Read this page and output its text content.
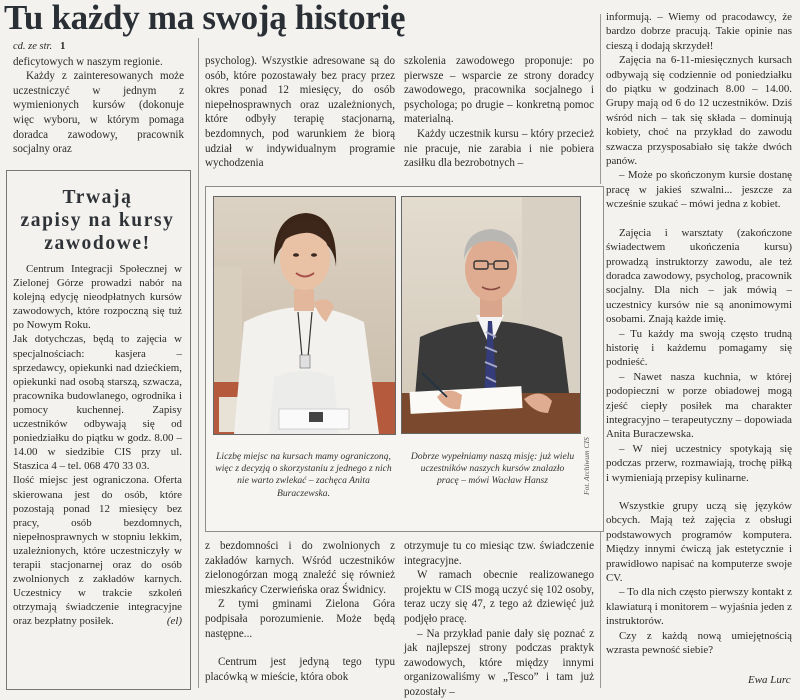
Tu każdy ma swoją historię

cd. ze str. 1

deficytowych w naszym regionie.

Każdy z zainteresowanych może uczestniczyć w jednym z wymienionych kursów (dokonuje więc wyboru, w którym pomaga doradca zawodowy, pracownik socjalny oraz

Trwają
zapisy na kursy
zawodowe!

Centrum Integracji Społecznej w Zielonej Górze prowadzi nabór na kolejną edycję nieodpłatnych kursów zawodowych, które rozpoczną się tuż po Nowym Roku.

Jak dotychczas, będą to zajęcia w specjalnościach: kasjera – sprzedawcy, opiekunki nad dziećkiem, opiekunki nad osobą starszą, szwacza, pracownika budowlanego, ogrodnika i pomocy kuchennej. Zapisy uczestników odbywają się od poniedziałku do piątku w godz. 8.00 – 14.00 w siedzibie CIS przy ul. Staszica 4 – tel. 068 470 33 03.

Ilość miejsc jest ograniczona. Oferta skierowana jest do osób, które pozostają ponad 12 miesięcy bez pracy, osób bezdomnych, niepełnosprawnych w stopniu lekkim, uzależnionych, które uczestniczyły w terapii stacjonarnej oraz do osób zwolnionych z zakładów karnych. Uczestnicy w trakcie szkoleń otrzymają świadczenie integracyjne oraz bezpłatny posiłek.	(el)

psycholog). Wszystkie adresowane są do osób, które pozostawały bez pracy przez okres ponad 12 miesięcy, do osób niepełnosprawnych oraz uzależnionych, które odbyły terapię stacjonarną, bezdomnych, pod warunkiem że biorą udział w indywidualnym programie wychodzenia

szkolenia zawodowego proponuje: po pierwsze – wsparcie ze strony doradcy zawodowego, pracownika socjalnego i psychologa; po drugie – konkretną pomoc materialną.

Każdy uczestnik kursu – który przecież nie pracuje, nie zarabia i nie pobiera zasiłku dla bezrobotnych –

Liczbę miejsc na kursach mamy ograniczoną, więc z decyzją o skorzystaniu z jednego z nich nie warto zwlekać – zachęca Anita Buraczewska.
Dobrze wypełniamy naszą misję: już wielu uczestników naszych kursów znalazło pracę – mówi Wacław Hansz	Fot. Archiwum CIS

z bezdomności i do zwolnionych z zakładów karnych. Wśród uczestników zielonogórzan mogą znaleźć się również mieszkańcy Czerwieńska oraz Świdnicy.

Z tymi gminami Zielona Góra podpisała porozumienie. Może będą następne...

Centrum jest jedyną tego typu placówką w mieście, która obok

otrzymuje tu co miesiąc tzw. świadczenie integracyjne.

W ramach obecnie realizowanego projektu w CIS mogą uczyć się 102 osoby, teraz uczy się 47, z tego aż dziewięć już podjęło pracę.

– Na przykład panie dały się poznać z jak najlepszej strony podczas praktyk zawodowych, które między innymi organizowaliśmy w „Tesco” i tam już pozostały –

informują. – Wiemy od pracodawcy, że bardzo dobrze pracują. Takie opinie nas cieszą i dodają skrzydeł!

Zajęcia na 6-11-miesięcznych kursach odbywają się codziennie od poniedziałku do piątku w godzinach 8.00 – 14.00. Grupy mają od 6 do 12 uczestników. Dziś wśród nich – tak się składa – dominują kobiety, choć na przykład do zawodu szwacza przysposabiało się także dwóch panów.

– Może po skończonym kursie dostanę pracę w jakieś szwalni... jeszcze za wcześnie szukać – mówi jedna z kobiet.

Zajęcia i warsztaty (zakończone świadectwem ukończenia kursu) prowadzą instruktorzy zawodu, ale też doradca zawodowy, psycholog, pracownik socjalny. Dla nich – jak mówią – uczestnicy kursów nie są anonimowymi osobami. Znają każde imię.

– Tu każdy ma swoją często trudną historię i każdemu pomagamy się podnieść.

– Nawet nasza kuchnia, w której podopieczni w porze obiadowej mogą zjeść ciepły posiłek ma charakter integracyjno – terapeutyczny – dopowiada Anita Buraczewska.

– W niej uczestnicy spotykają się podczas przerw, rozmawiają, trochę piłką i wymieniają przepisy kulinarne.

Wszystkie grupy uczą się języków obcych. Mają też zajęcia z obsługi podstawowych programów komputera. Między innymi ćwiczą jak estetycznie i prawidłowo napisać na komputerze swoje CV.

– To dla nich często pierwszy kontakt z klawiaturą i monitorem – wyjaśnia jeden z instruktorów.

Czy z każdą nową umiejętnością wzrasta pewność siebie?

Ewa Lurc
